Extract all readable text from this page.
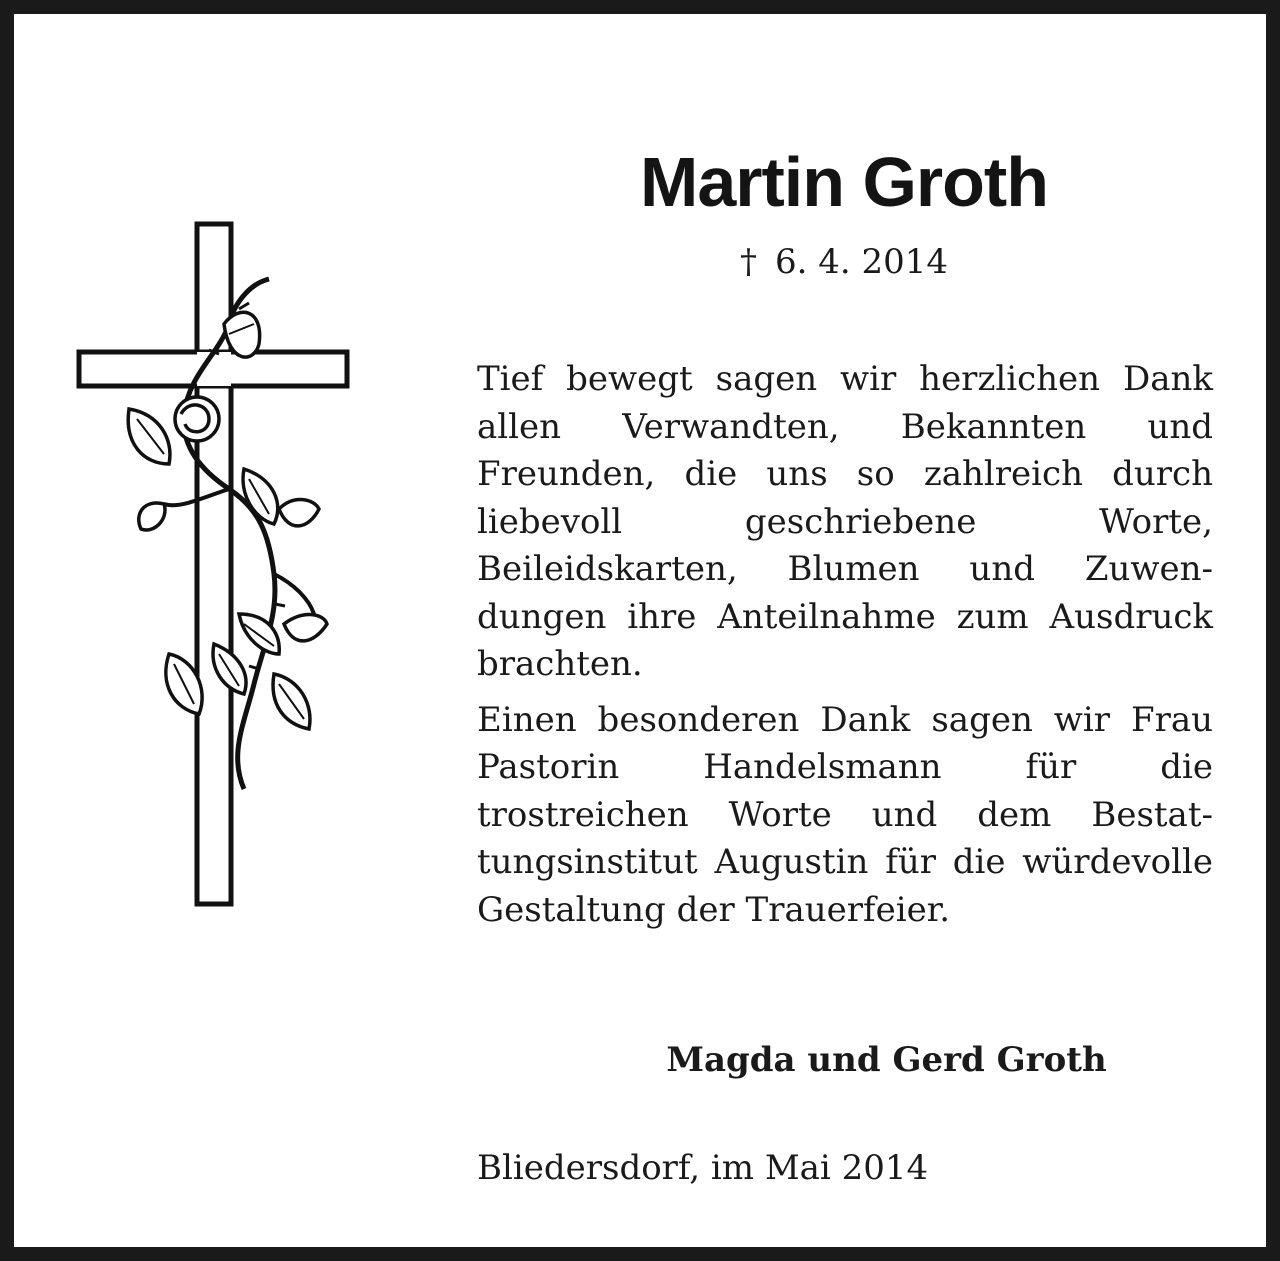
Martin Groth
† 6. 4. 2014

Tief bewegt sagen wir herzlichen Dank allen Verwandten, Bekannten und Freunden, die uns so zahlreich durch liebevoll geschriebene Worte, Beileidskarten, Blumen und Zuwendungen ihre Anteilnahme zum Ausdruck brachten.

Einen besonderen Dank sagen wir Frau Pastorin Handelsmann für die trostreichen Worte und dem Bestattungsinstitut Augustin für die würdevolle Gestaltung der Trauerfeier.

Magda und Gerd Groth
Bliedersdorf, im Mai 2014
